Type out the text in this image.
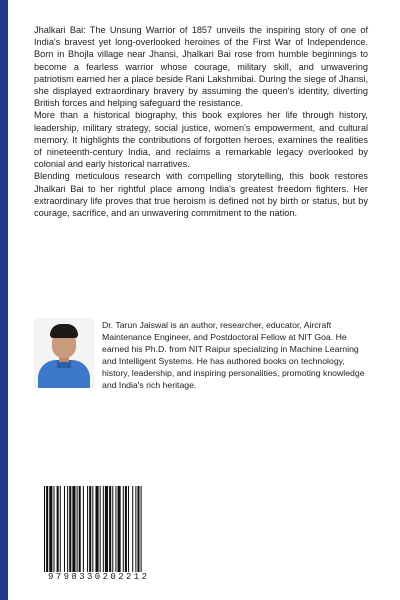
Jhalkari Bai: The Unsung Warrior of 1857 unveils the inspiring story of one of India's bravest yet long-overlooked heroines of the First War of Independence. Born in Bhojla village near Jhansi, Jhalkari Bai rose from humble beginnings to become a fearless warrior whose courage, military skill, and unwavering patriotism earned her a place beside Rani Lakshmibai. During the siege of Jhansi, she displayed extraordinary bravery by assuming the queen's identity, diverting British forces and helping safeguard the resistance.

More than a historical biography, this book explores her life through history, leadership, military strategy, social justice, women's empowerment, and cultural memory. It highlights the contributions of forgotten heroes, examines the realities of nineteenth-century India, and reclaims a remarkable legacy overlooked by colonial and early historical narratives.

Blending meticulous research with compelling storytelling, this book restores Jhalkari Bai to her rightful place among India's greatest freedom fighters. Her extraordinary life proves that true heroism is defined not by birth or status, but by courage, sacrifice, and an unwavering commitment to the nation.

Dr. Tarun Jaiswal is an author, researcher, educator, Aircraft Maintenance Engineer, and Postdoctoral Fellow at NIT Goa. He earned his Ph.D. from NIT Raipur specializing in Machine Learning and Intelligent Systems. He has authored books on technology, history, leadership, and inspiring personalities, promoting knowledge and India's rich heritage.
9798330202212
